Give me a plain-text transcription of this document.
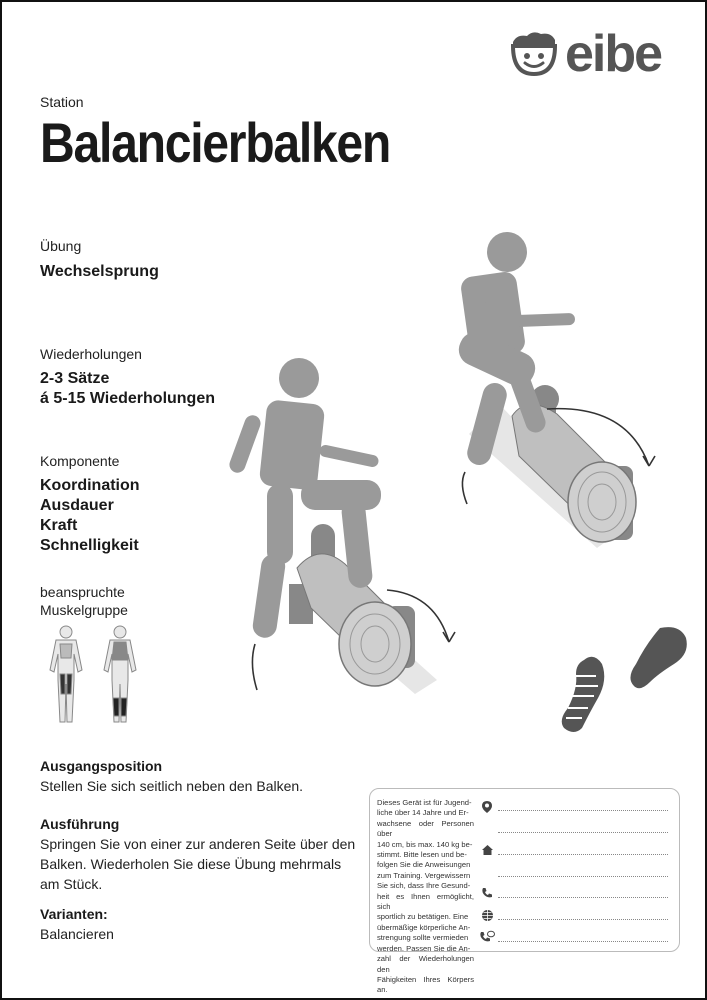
eibe
Station
Balancierbalken
Übung
Wechselsprung
Wiederholungen
2-3 Sätze
á 5-15 Wiederholungen
Komponente
Koordination
Ausdauer
Kraft
Schnelligkeit
beanspruchte
Muskelgruppe
Ausgangsposition
Stellen Sie sich seitlich neben den Balken.
Ausführung
Springen Sie von einer zur anderen Seite über den
Balken. Wiederholen Sie diese Übung mehrmals
am Stück.
Varianten:
Balancieren
Dieses Gerät ist für Jugend-
liche über 14 Jahre und Er-
wachsene oder Personen über
140 cm, bis max. 140 kg be-
stimmt. Bitte lesen und be-
folgen Sie die Anweisungen
zum Training. Vergewissern
Sie sich, dass Ihre Gesund-
heit es Ihnen ermöglicht, sich
sportlich zu betätigen. Eine
übermäßige körperliche An-
strengung sollte vermieden
werden. Passen Sie die An-
zahl der Wiederholungen den
Fähigkeiten Ihres Körpers an.
